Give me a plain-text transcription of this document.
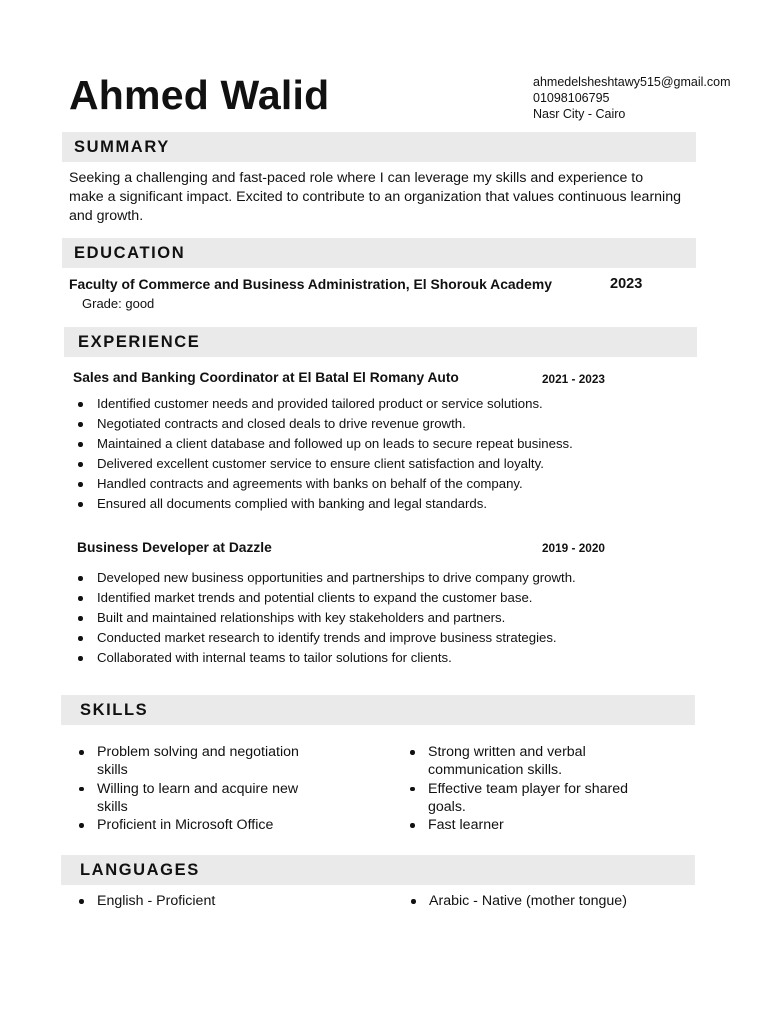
Ahmed Walid	ahmedelsheshtawy515@gmail.com
01098106795
Nasr City - Cairo
SUMMARY
Seeking a challenging and fast-paced role where I can leverage my skills and experience to make a significant impact. Excited to contribute to an organization that values continuous learning and growth.
EDUCATION
Faculty of Commerce and Business Administration, El Shorouk Academy	2023
Grade: good
EXPERIENCE
Sales and Banking Coordinator at El Batal El Romany Auto	2021 - 2023
Identified customer needs and provided tailored product or service solutions.
Negotiated contracts and closed deals to drive revenue growth.
Maintained a client database and followed up on leads to secure repeat business.
Delivered excellent customer service to ensure client satisfaction and loyalty.
Handled contracts and agreements with banks on behalf of the company.
Ensured all documents complied with banking and legal standards.
Business Developer at Dazzle	2019 - 2020
Developed new business opportunities and partnerships to drive company growth.
Identified market trends and potential clients to expand the customer base.
Built and maintained relationships with key stakeholders and partners.
Conducted market research to identify trends and improve business strategies.
Collaborated with internal teams to tailor solutions for clients.
SKILLS
Problem solving and negotiation skills
Willing to learn and acquire new skills
Proficient in Microsoft Office
Strong written and verbal communication skills.
Effective team player for shared goals.
Fast learner
LANGUAGES
English - Proficient	Arabic - Native (mother tongue)
